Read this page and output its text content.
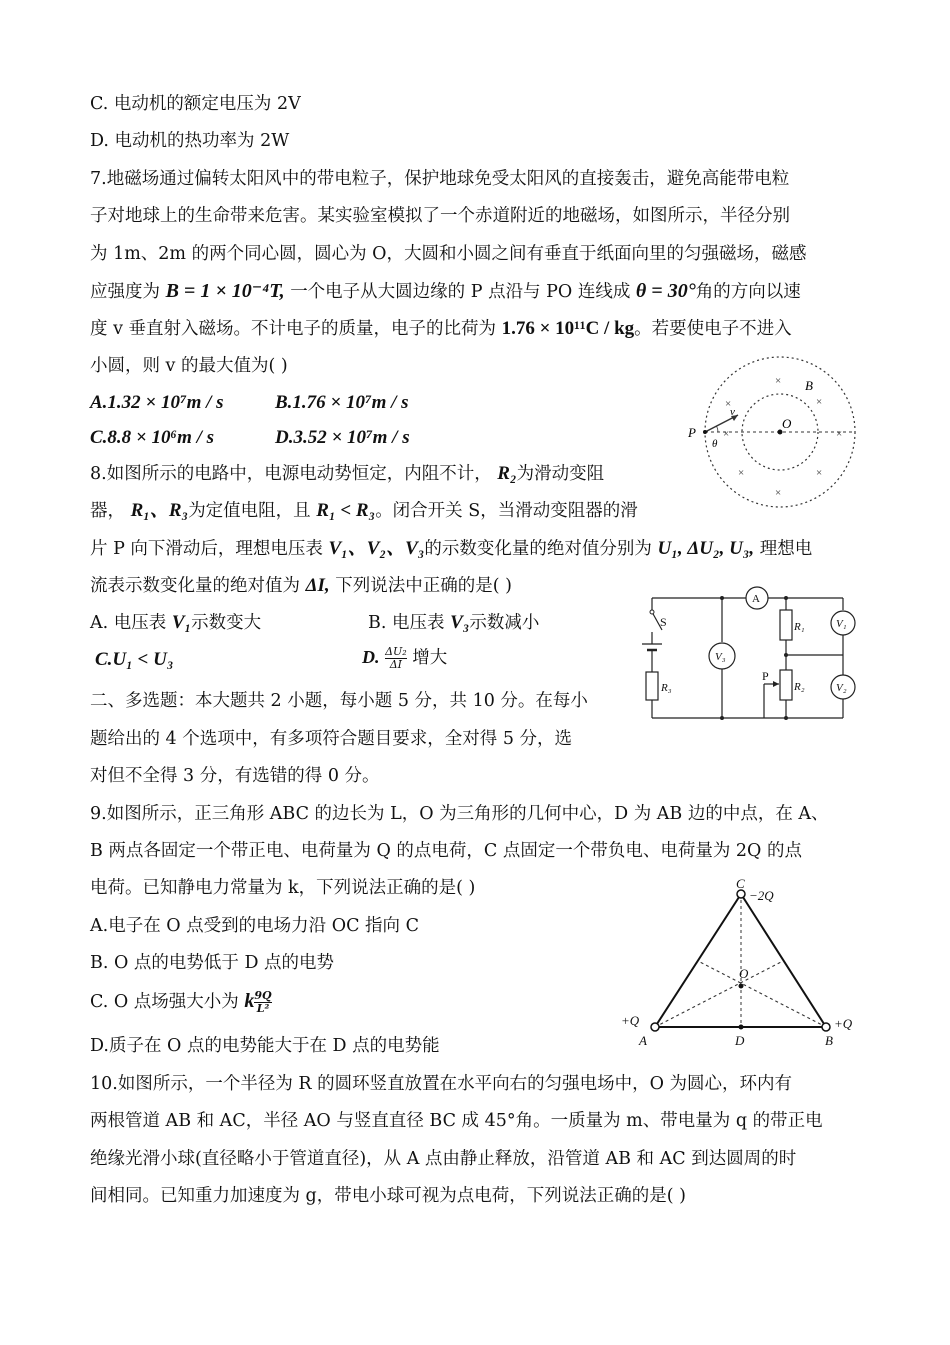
C. 电动机的额定电压为 2V
D. 电动机的热功率为 2W
7.地磁场通过偏转太阳风中的带电粒子，保护地球免受太阳风的直接轰击，避免高能带电粒
子对地球上的生命带来危害。某实验室模拟了一个赤道附近的地磁场，如图所示，半径分别
为 1m、2m 的两个同心圆，圆心为 O，大圆和小圆之间有垂直于纸面向里的匀强磁场，磁感
应强度为 B = 1 × 10⁻⁴T, 一个电子从大圆边缘的 P 点沿与 PO 连线成 θ = 30°角的方向以速
度 v 垂直射入磁场。不计电子的质量，电子的比荷为 1.76 × 10¹¹C / kg。若要使电子不进入
小圆，则 v 的最大值为( )
A.1.32 × 10⁷m / s	B.1.76 × 10⁷m / s
C.8.8 × 10⁶m / s	D.3.52 × 10⁷m / s	P
O
B
v
θ
×
×	×
×	×
×	×
×
8.如图所示的电路中，电源电动势恒定，内阻不计， R₂为滑动变阻
器， R₁、R₃为定值电阻，且 R₁ < R₃。闭合开关 S，当滑动变阻器的滑
片 P 向下滑动后，理想电压表 V₁、V₂、V₃的示数变化量的绝对值分别为 U₁, ΔU₂, U₃, 理想电
流表示数变化量的绝对值为 ΔI, 下列说法中正确的是( )
A. 电压表 V₁示数变大	B. 电压表 V₃示数减小
C.U₁ < U₃	D. $\frac{\text{ΔU₂}}{\Delta I}$ 增大
S
A
V₃
V₁
V₂
R₁
R₂
R₃
P
二、多选题：本大题共 2 小题，每小题 5 分，共 10 分。在每小
题给出的 4 个选项中，有多项符合题目要求，全对得 5 分，选
对但不全得 3 分，有选错的得 0 分。
9.如图所示，正三角形 ABC 的边长为 L，O 为三角形的几何中心，D 为 AB 边的中点，在 A、
B 两点各固定一个带正电、电荷量为 Q 的点电荷，C 点固定一个带负电、电荷量为 2Q 的点
电荷。已知静电力常量为 k，下列说法正确的是( )
A.电子在 O 点受到的电场力沿 OC 指向 C
B. O 点的电势低于 D 点的电势
C. O 点场强大小为 k $\frac{9Q}{\text{L²}}$
D.质子在 O 点的电势能大于在 D 点的电势能
C
−2Q
+Q
A
+Q
B
D
O
10.如图所示，一个半径为 R 的圆环竖直放置在水平向右的匀强电场中，O 为圆心，环内有
两根管道 AB 和 AC，半径 AO 与竖直直径 BC 成 45°角。一质量为 m、带电量为 q 的带正电
绝缘光滑小球(直径略小于管道直径)，从 A 点由静止释放，沿管道 AB 和 AC 到达圆周的时
间相同。已知重力加速度为 g，带电小球可视为点电荷，下列说法正确的是( )
